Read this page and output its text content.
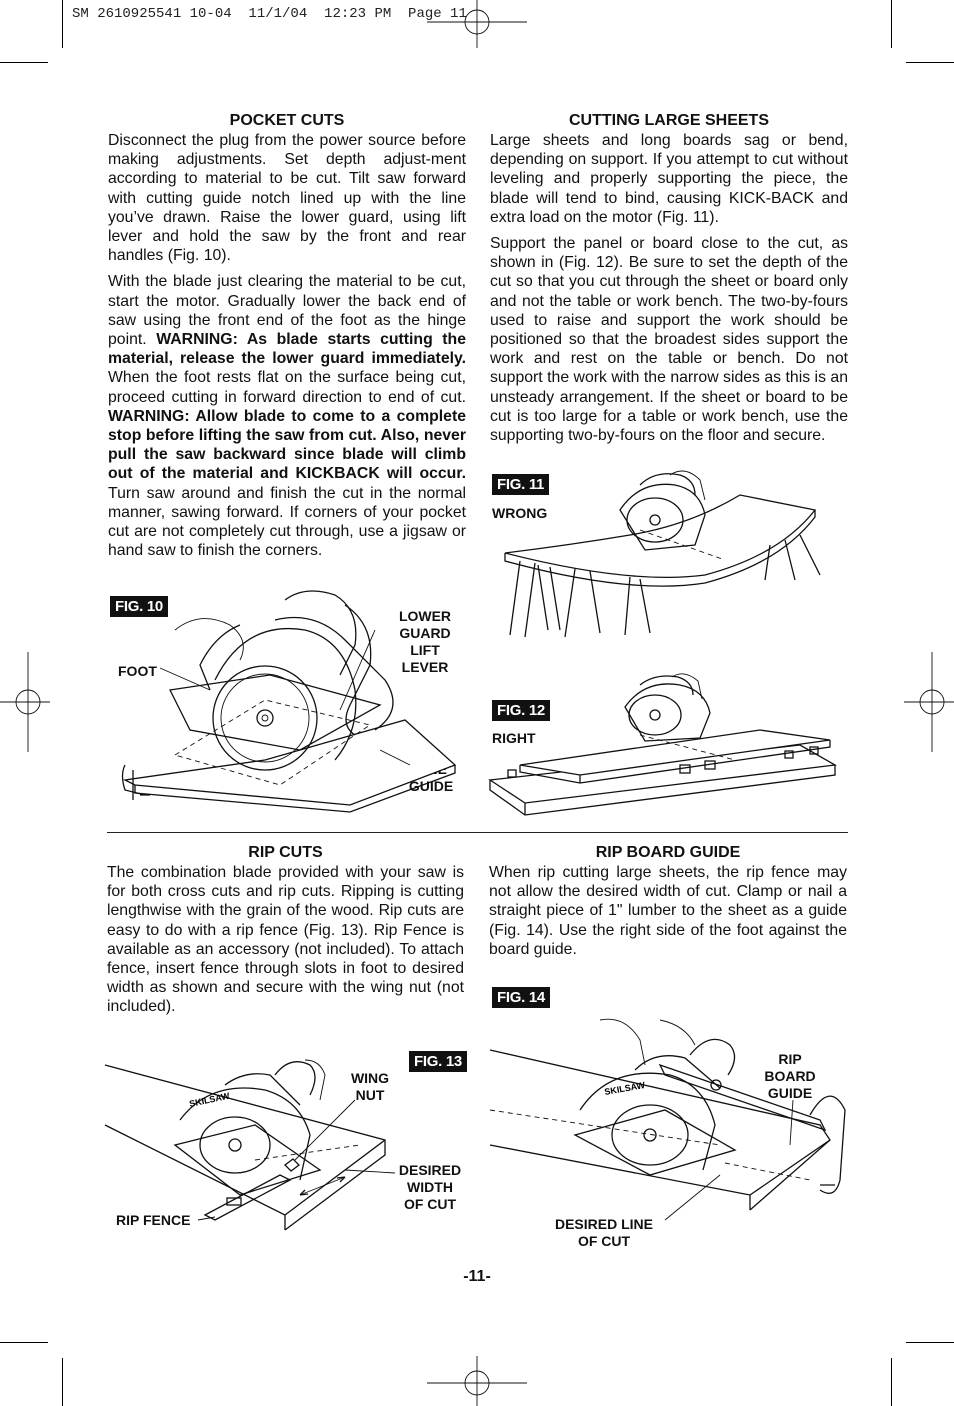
SM 2610925541 10-04  11/1/04  12:23 PM  Page 11
POCKET CUTS

Disconnect the plug from the power source before making adjustments. Set depth adjust-ment according to material to be cut. Tilt saw forward with cutting guide notch lined up with the line you’ve drawn. Raise the lower guard, using lift lever and hold the saw by the front and rear handles (Fig. 10).

With the blade just clearing the material to be cut, start the motor. Gradually lower the back end of saw using the front end of the foot as the hinge point. WARNING: As blade starts cutting the material, release the lower guard immediately. When the foot rests flat on the surface being cut, proceed cutting in forward direction to end of cut. WARNING: Allow blade to come to a complete stop before lifting the saw from cut. Also, never pull the saw backward since blade will climb out of the material and KICKBACK will occur. Turn saw around and finish the cut in the normal manner, sawing forward. If corners of your pocket cut are not completely cut through, use a jigsaw or hand saw to finish the corners.

CUTTING LARGE SHEETS

Large sheets and long boards sag or bend, depending on support. If you attempt to cut without leveling and properly supporting the piece, the blade will tend to bind, causing KICK-BACK and extra load on the motor (Fig. 11).

Support the panel or board close to the cut, as shown in (Fig. 12). Be sure to set the depth of the cut so that you cut through the sheet or board only and not the table or work bench. The two-by-fours used to raise and support the work should be positioned so that the broadest sides support the work and rest on the table or bench. Do not support the work with the narrow sides as this is an unsteady arrangement. If the sheet or board to be cut is too large for a table or work bench, use the supporting two-by-fours on the floor and secure.

FIG. 10
FOOT
LOWER
GUARD
LIFT
LEVER
GUIDE
FIG. 11
WRONG
FIG. 12
RIGHT
RIP CUTS

The combination blade provided with your saw is for both cross cuts and rip cuts. Ripping is cutting lengthwise with the grain of the wood. Rip cuts are easy to do with a rip fence (Fig. 13). Rip Fence is available as an accessory (not included). To attach fence, insert fence through slots in foot to desired width as shown and secure with the wing nut (not included).

RIP BOARD GUIDE

When rip cutting large sheets, the rip fence may not allow the desired width of cut. Clamp or nail a straight piece of 1" lumber to the sheet as a guide (Fig. 14). Use the right side of the foot against the board guide.

FIG. 13
WING
NUT
DESIRED
WIDTH
OF CUT
RIP FENCE
SKILSAW
FIG. 14
RIP
BOARD
GUIDE
DESIRED LINE
OF CUT
SKILSAW
-11-
